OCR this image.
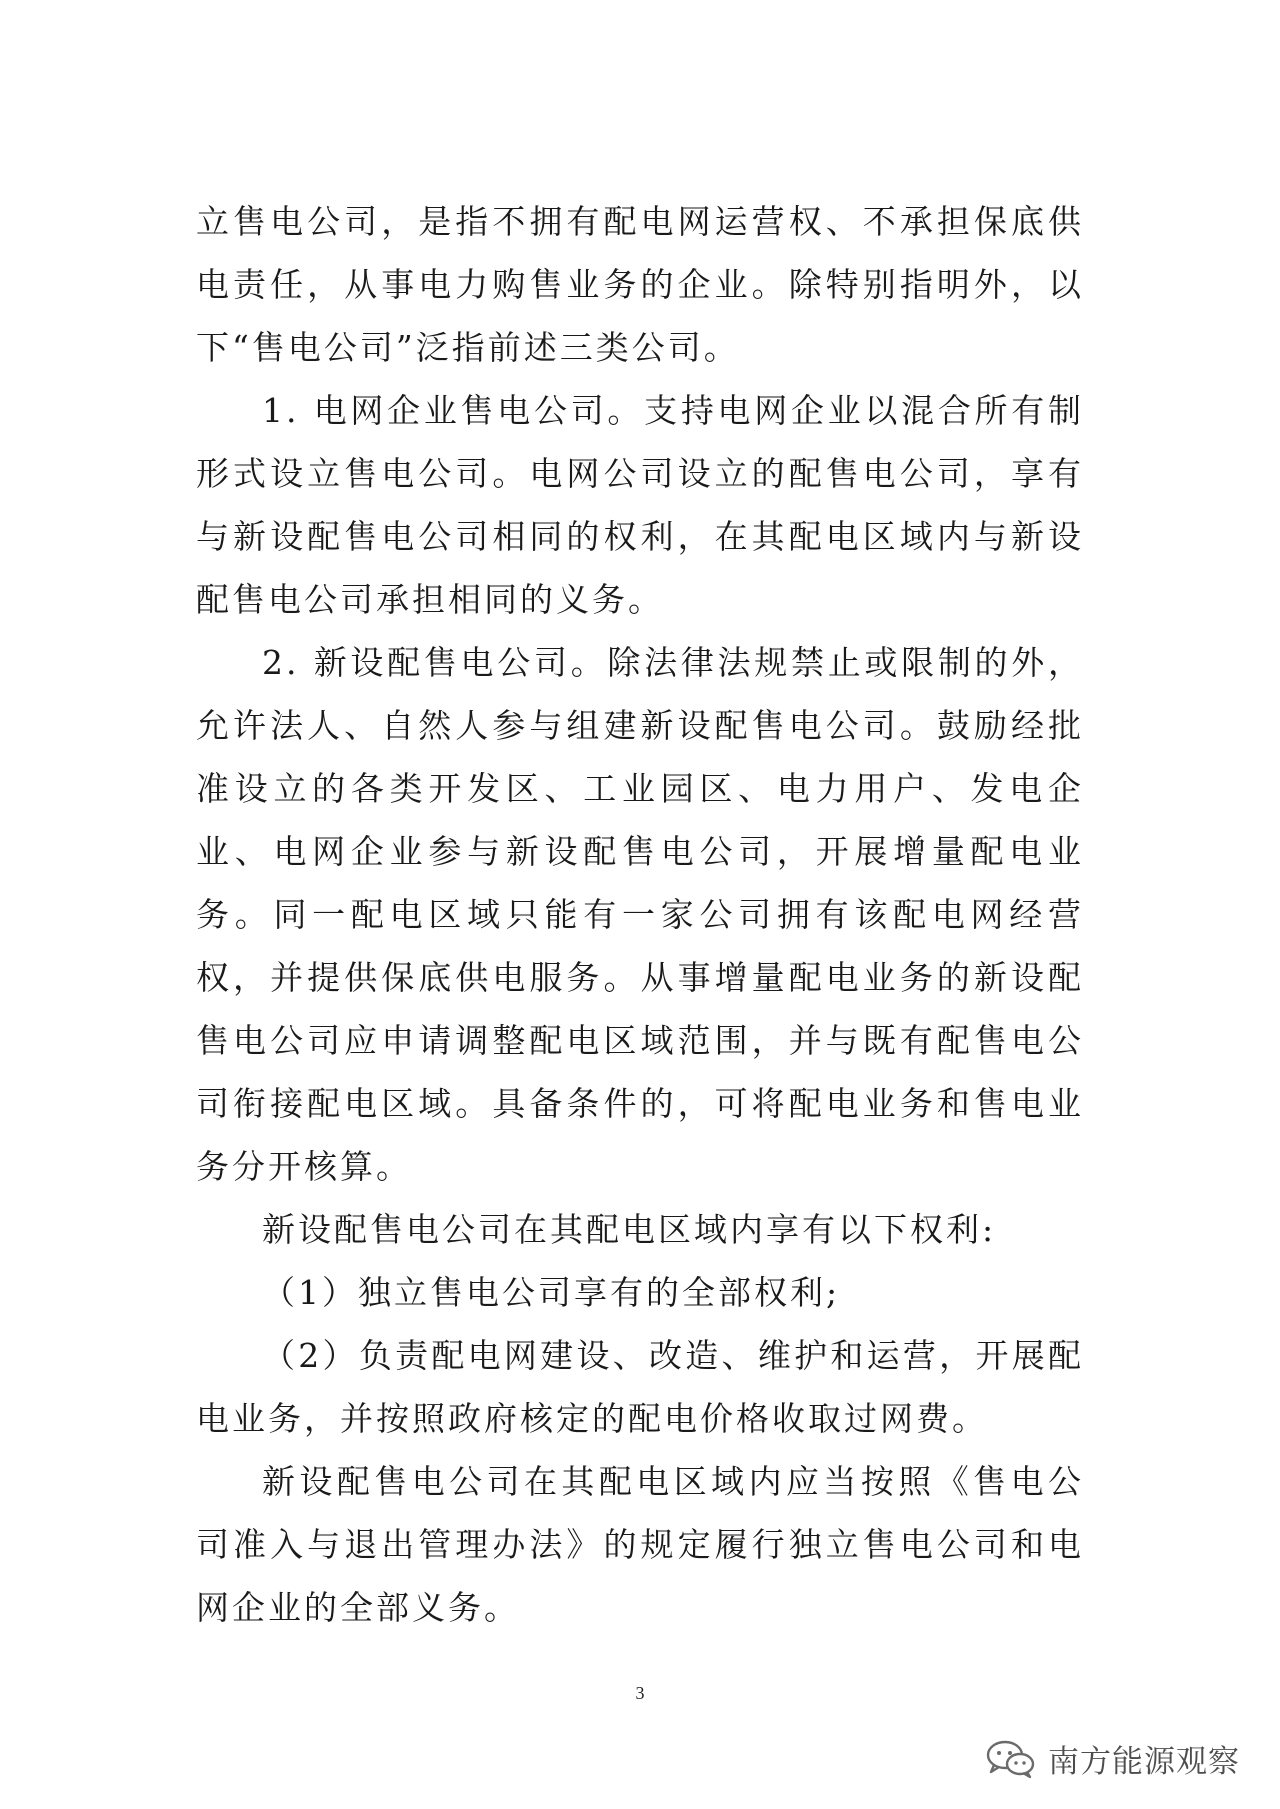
立售电公司，是指不拥有配电网运营权、不承担保底供电责任，从事电力购售业务的企业。除特别指明外，以下“售电公司”泛指前述三类公司。

1. 电网企业售电公司。支持电网企业以混合所有制形式设立售电公司。电网公司设立的配售电公司，享有与新设配售电公司相同的权利，在其配电区域内与新设配售电公司承担相同的义务。

2. 新设配售电公司。除法律法规禁止或限制的外，允许法人、自然人参与组建新设配售电公司。鼓励经批准设立的各类开发区、工业园区、电力用户、发电企业、电网企业参与新设配售电公司，开展增量配电业务。同一配电区域只能有一家公司拥有该配电网经营权，并提供保底供电服务。从事增量配电业务的新设配售电公司应申请调整配电区域范围，并与既有配售电公司衔接配电区域。具备条件的，可将配电业务和售电业务分开核算。

新设配售电公司在其配电区域内享有以下权利:

（1）独立售电公司享有的全部权利;

（2）负责配电网建设、改造、维护和运营，开展配电业务，并按照政府核定的配电价格收取过网费。

新设配售电公司在其配电区域内应当按照《售电公司准入与退出管理办法》的规定履行独立售电公司和电网企业的全部义务。

3
南方能源观察
